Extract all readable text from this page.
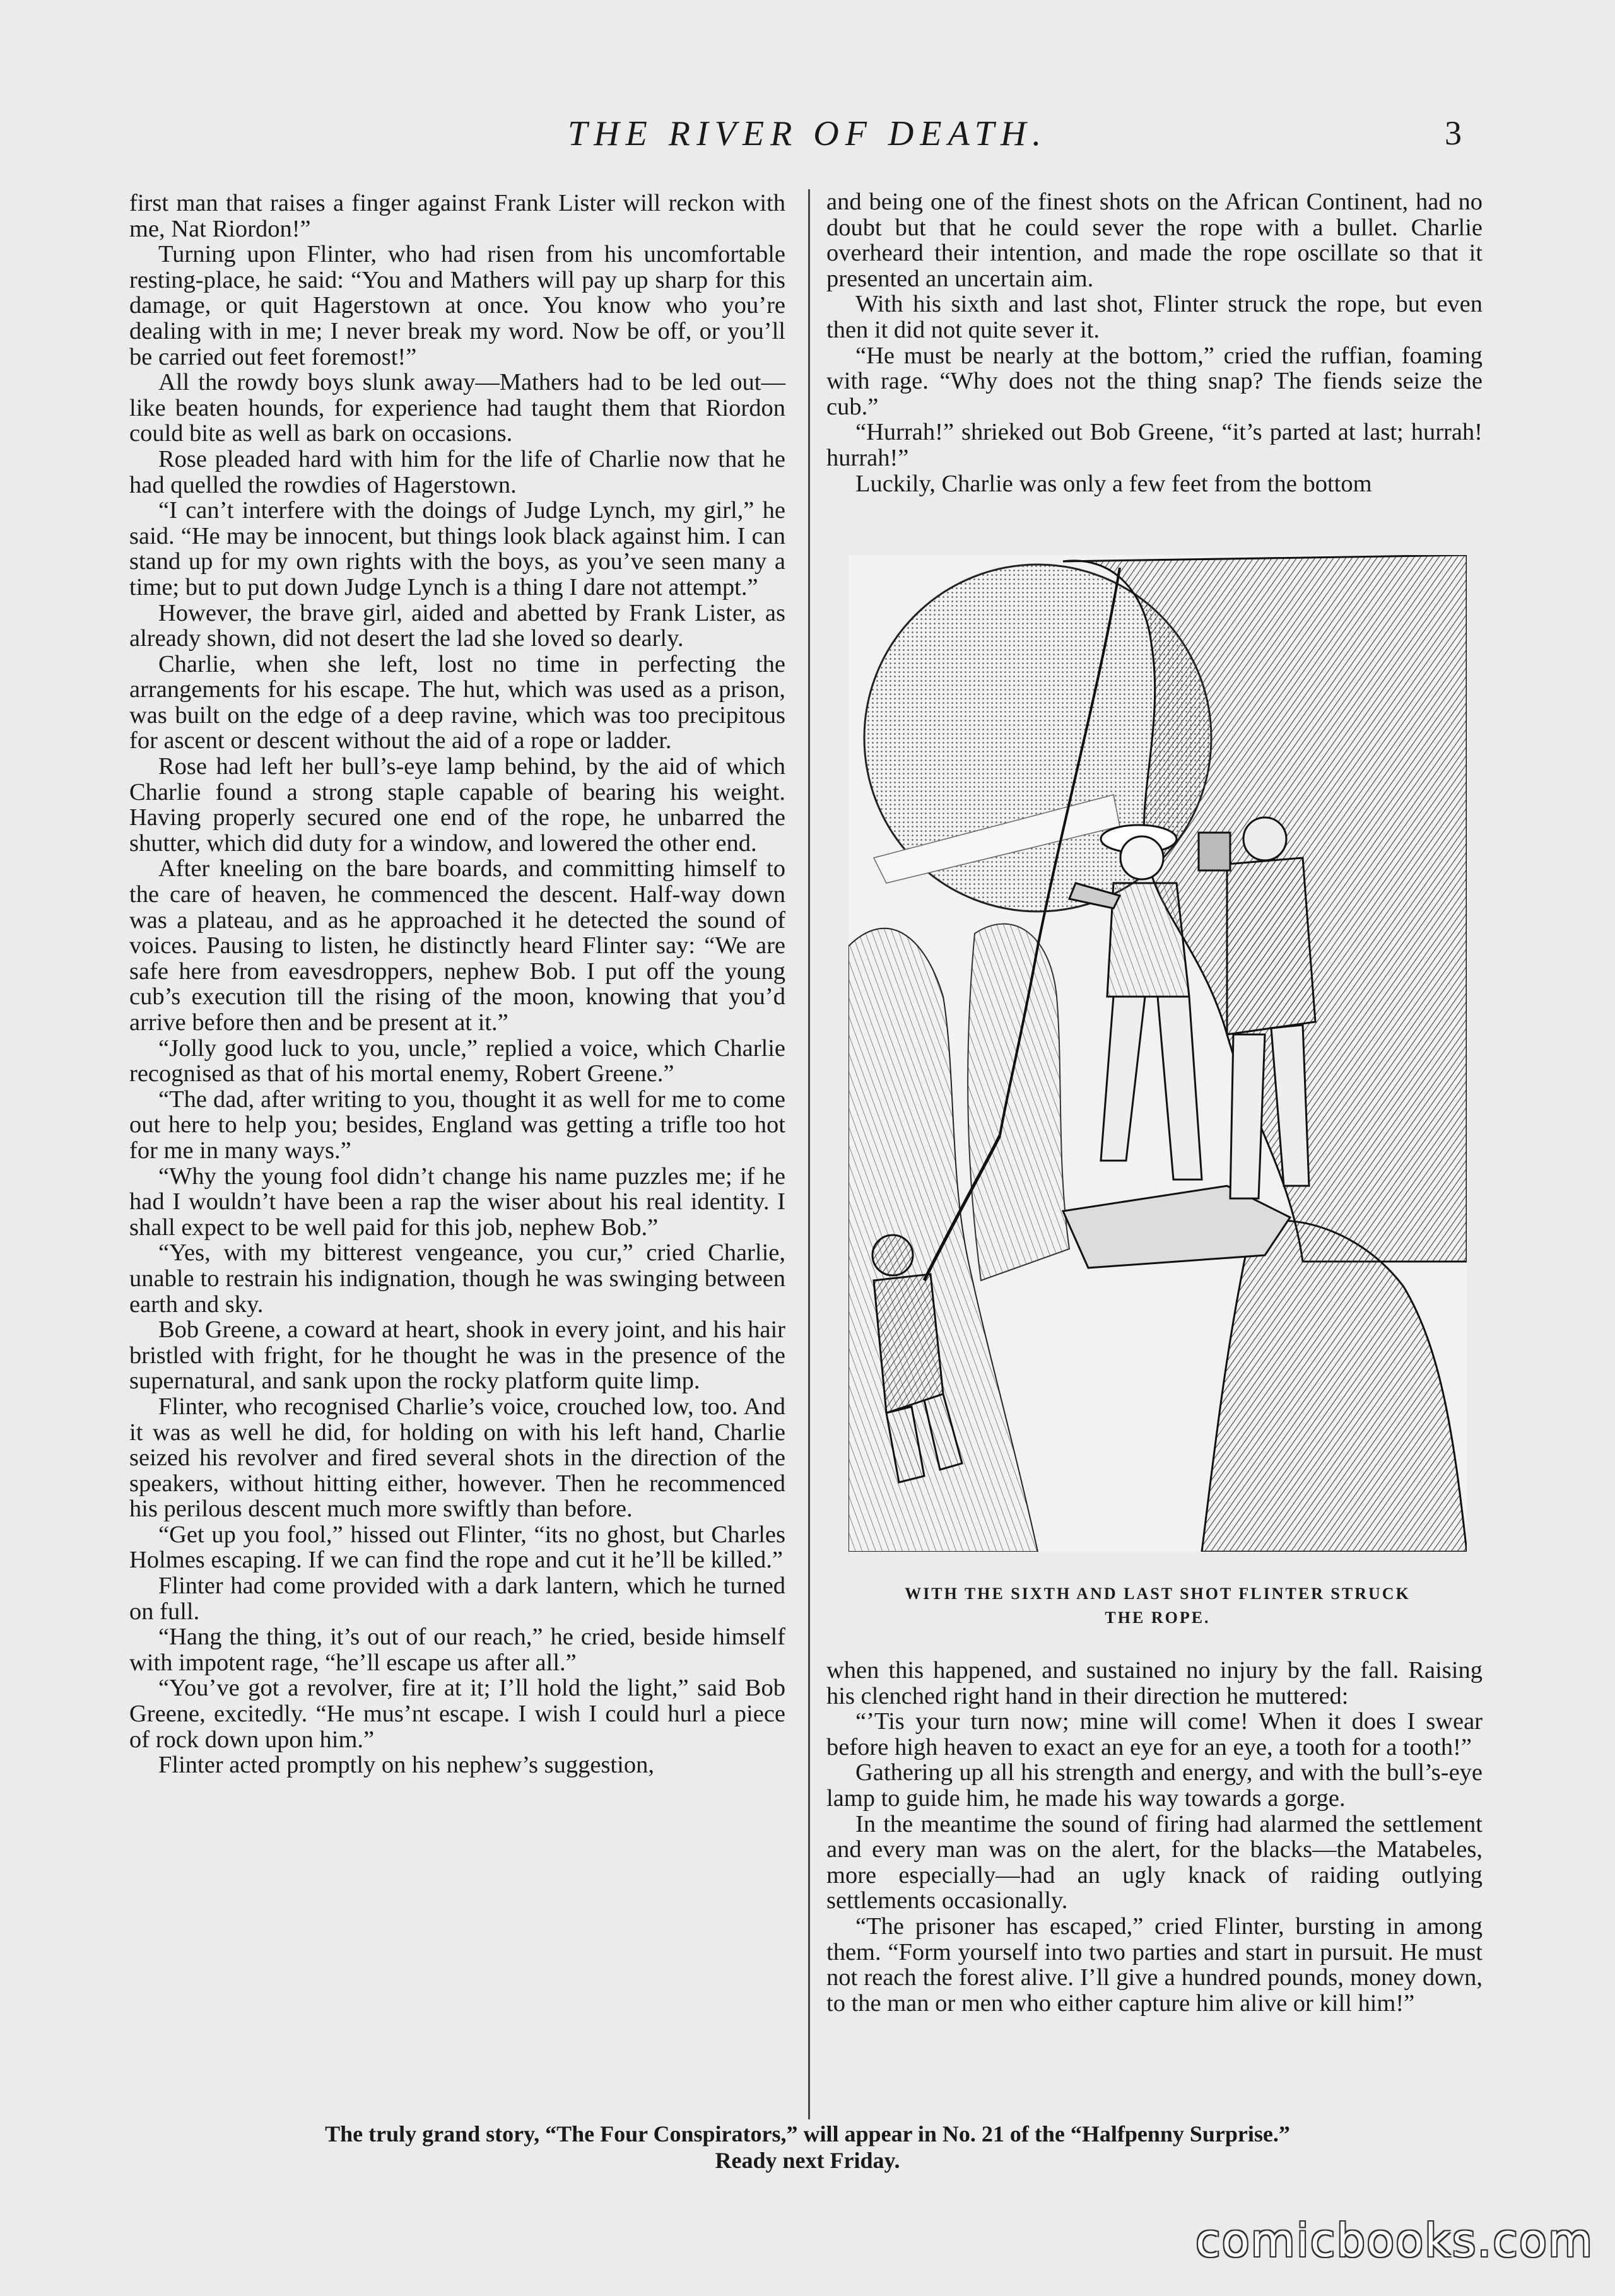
THE RIVER OF DEATH.	3

first man that raises a finger against Frank Lister will reckon with me, Nat Riordon!”

Turning upon Flinter, who had risen from his uncomfortable resting-place, he said: “You and Mathers will pay up sharp for this damage, or quit Hagerstown at once. You know who you’re dealing with in me; I never break my word. Now be off, or you’ll be carried out feet foremost!”

All the rowdy boys slunk away—Mathers had to be led out—like beaten hounds, for experience had taught them that Riordon could bite as well as bark on occasions.

Rose pleaded hard with him for the life of Charlie now that he had quelled the rowdies of Hagerstown.

“I can’t interfere with the doings of Judge Lynch, my girl,” he said. “He may be innocent, but things look black against him. I can stand up for my own rights with the boys, as you’ve seen many a time; but to put down Judge Lynch is a thing I dare not attempt.”

However, the brave girl, aided and abetted by Frank Lister, as already shown, did not desert the lad she loved so dearly.

Charlie, when she left, lost no time in perfecting the arrangements for his escape. The hut, which was used as a prison, was built on the edge of a deep ravine, which was too precipitous for ascent or descent without the aid of a rope or ladder.

Rose had left her bull’s-eye lamp behind, by the aid of which Charlie found a strong staple capable of bearing his weight. Having properly secured one end of the rope, he unbarred the shutter, which did duty for a window, and lowered the other end.

After kneeling on the bare boards, and committing himself to the care of heaven, he commenced the descent. Half-way down was a plateau, and as he approached it he detected the sound of voices. Pausing to listen, he distinctly heard Flinter say: “We are safe here from eavesdroppers, nephew Bob. I put off the young cub’s execution till the rising of the moon, knowing that you’d arrive before then and be present at it.”

“Jolly good luck to you, uncle,” replied a voice, which Charlie recognised as that of his mortal enemy, Robert Greene.”

“The dad, after writing to you, thought it as well for me to come out here to help you; besides, England was getting a trifle too hot for me in many ways.”

“Why the young fool didn’t change his name puzzles me; if he had I wouldn’t have been a rap the wiser about his real identity. I shall expect to be well paid for this job, nephew Bob.”

“Yes, with my bitterest vengeance, you cur,” cried Charlie, unable to restrain his indignation, though he was swinging between earth and sky.

Bob Greene, a coward at heart, shook in every joint, and his hair bristled with fright, for he thought he was in the presence of the supernatural, and sank upon the rocky platform quite limp.

Flinter, who recognised Charlie’s voice, crouched low, too. And it was as well he did, for holding on with his left hand, Charlie seized his revolver and fired several shots in the direction of the speakers, without hitting either, however. Then he recommenced his perilous descent much more swiftly than before.

“Get up you fool,” hissed out Flinter, “its no ghost, but Charles Holmes escaping. If we can find the rope and cut it he’ll be killed.”

Flinter had come provided with a dark lantern, which he turned on full.

“Hang the thing, it’s out of our reach,” he cried, beside himself with impotent rage, “he’ll escape us after all.”

“You’ve got a revolver, fire at it; I’ll hold the light,” said Bob Greene, excitedly. “He mus’nt escape. I wish I could hurl a piece of rock down upon him.”

Flinter acted promptly on his nephew’s suggestion,

and being one of the finest shots on the African Continent, had no doubt but that he could sever the rope with a bullet. Charlie overheard their intention, and made the rope oscillate so that it presented an uncertain aim.

With his sixth and last shot, Flinter struck the rope, but even then it did not quite sever it.

“He must be nearly at the bottom,” cried the ruffian, foaming with rage. “Why does not the thing snap? The fiends seize the cub.”

“Hurrah!” shrieked out Bob Greene, “it’s parted at last; hurrah! hurrah!”

Luckily, Charlie was only a few feet from the bottom

WITH THE SIXTH AND LAST SHOT FLINTER STRUCK
THE ROPE.

when this happened, and sustained no injury by the fall. Raising his clenched right hand in their direction he muttered:

“’Tis your turn now; mine will come! When it does I swear before high heaven to exact an eye for an eye, a tooth for a tooth!”

Gathering up all his strength and energy, and with the bull’s-eye lamp to guide him, he made his way towards a gorge.

In the meantime the sound of firing had alarmed the settlement and every man was on the alert, for the blacks—the Matabeles, more especially—had an ugly knack of raiding outlying settlements occasionally.

“The prisoner has escaped,” cried Flinter, bursting in among them. “Form yourself into two parties and start in pursuit. He must not reach the forest alive. I’ll give a hundred pounds, money down, to the man or men who either capture him alive or kill him!”

The truly grand story, “The Four Conspirators,” will appear in No. 21 of the “Halfpenny Surprise.”
Ready next Friday.
comicbooks.com
